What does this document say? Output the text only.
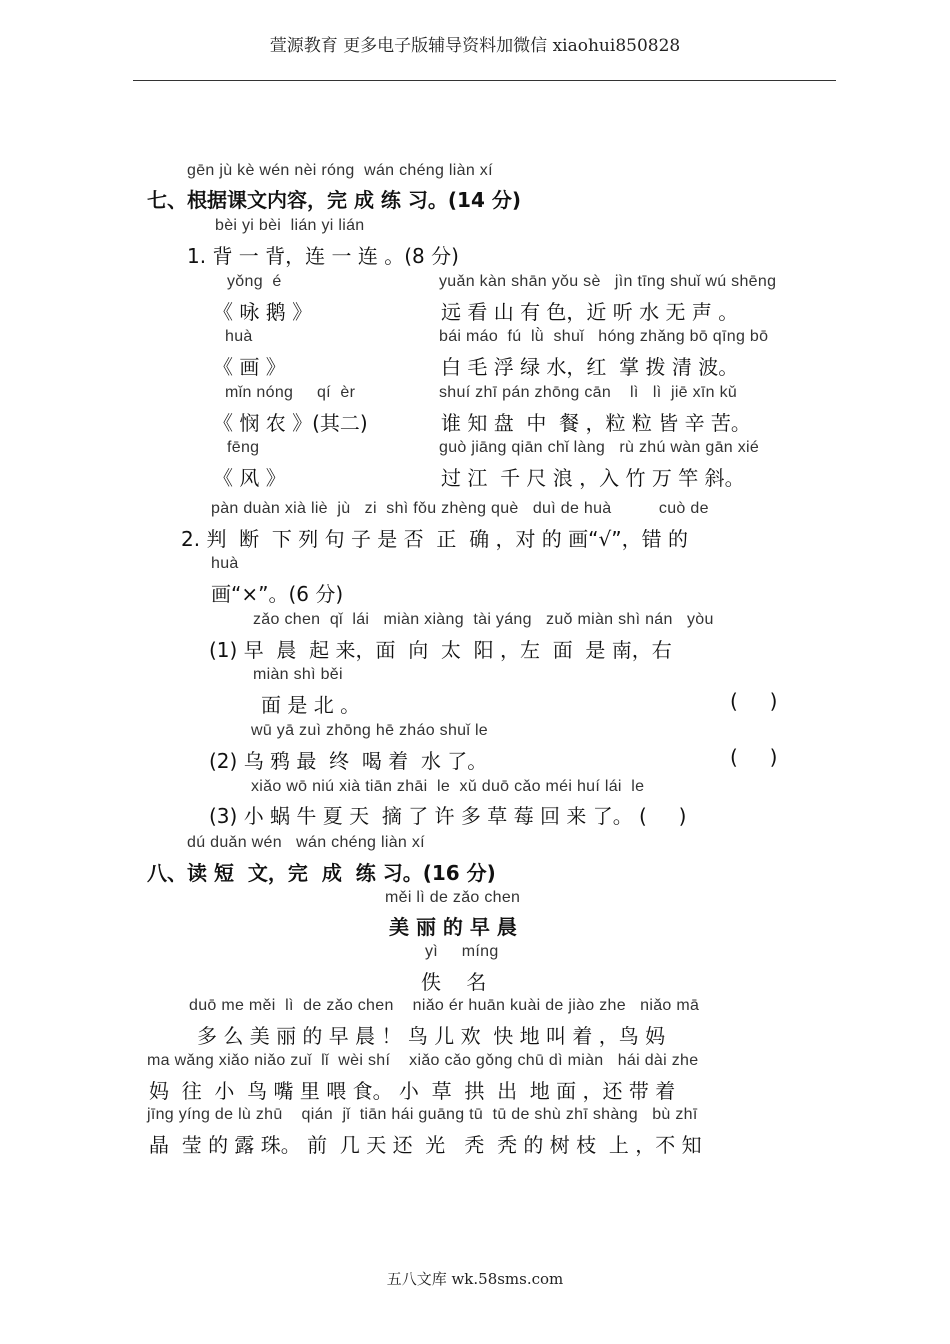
萱源教育 更多电子版辅导资料加微信 xiaohui850828
gēn jù kè wén nèi róng  wán chéng liàn xí
七、根据课文内容，完 成 练 习。(14 分)
bèi yi bèi  lián yi lián
1. 背 一 背，连 一 连 。(8 分)
yǒng  é
《 咏 鹅 》
huà
《 画 》
mǐn nóng     qí  èr
《 悯 农 》(其二)
fēng
《 风 》
yuǎn kàn shān yǒu sè   jìn tīng shuǐ wú shēng
远 看 山 有 色，近 听 水 无 声 。
bái máo  fú  lǜ  shuǐ   hóng zhǎng bō qīng bō
白 毛 浮 绿 水，红  掌 拨 清 波。
shuí zhī pán zhōng cān    lì   lì  jiē xīn kǔ
谁 知 盘  中  餐 ，粒 粒 皆 辛 苦。
guò jiāng qiān chǐ làng   rù zhú wàn gān xié
过 江  千 尺 浪 ，入 竹 万 竿 斜。
pàn duàn xià liè  jù   zi  shì fǒu zhèng què   duì de huà          cuò de
2. 判  断  下 列 句 子 是 否  正  确 ，对 的 画“√”，错 的
huà
画“×”。(6 分)
zǎo chen  qǐ  lái   miàn xiàng  tài yáng   zuǒ miàn shì nán   yòu
(1) 早  晨  起 来，面  向  太  阳 ，左  面  是 南，右
miàn shì běi
面 是 北 。	(     )
wū yā zuì zhōng hē zháo shuǐ le
(2) 乌 鸦 最  终  喝 着  水 了。	(     )
xiǎo wō niú xià tiān zhāi  le  xǔ duō cǎo méi huí lái  le
(3) 小 蜗 牛 夏 天  摘 了 许 多 草 莓 回 来 了。 (     )
dú duǎn wén   wán chéng liàn xí
八、读 短  文，完  成  练 习。(16 分)
měi lì de zǎo chen
美 丽 的 早 晨
yì     míng
佚    名
duō me měi  lì  de zǎo chen    niǎo ér huān kuài de jiào zhe   niǎo mā
多 么 美 丽 的 早 晨 ！ 鸟 儿 欢  快 地 叫 着 ，鸟 妈
ma wǎng xiǎo niǎo zuǐ  lǐ  wèi shí    xiǎo cǎo gǒng chū dì miàn   hái dài zhe
妈  往  小  鸟 嘴 里 喂 食。 小  草  拱  出  地 面 ，还 带 着
jīng yíng de lù zhū    qián  jǐ  tiān hái guāng tū  tū de shù zhī shàng   bù zhī
晶  莹 的 露 珠。 前  几 天 还  光   秃  秃 的 树 枝  上 ，不 知
五八文库 wk.58sms.com
